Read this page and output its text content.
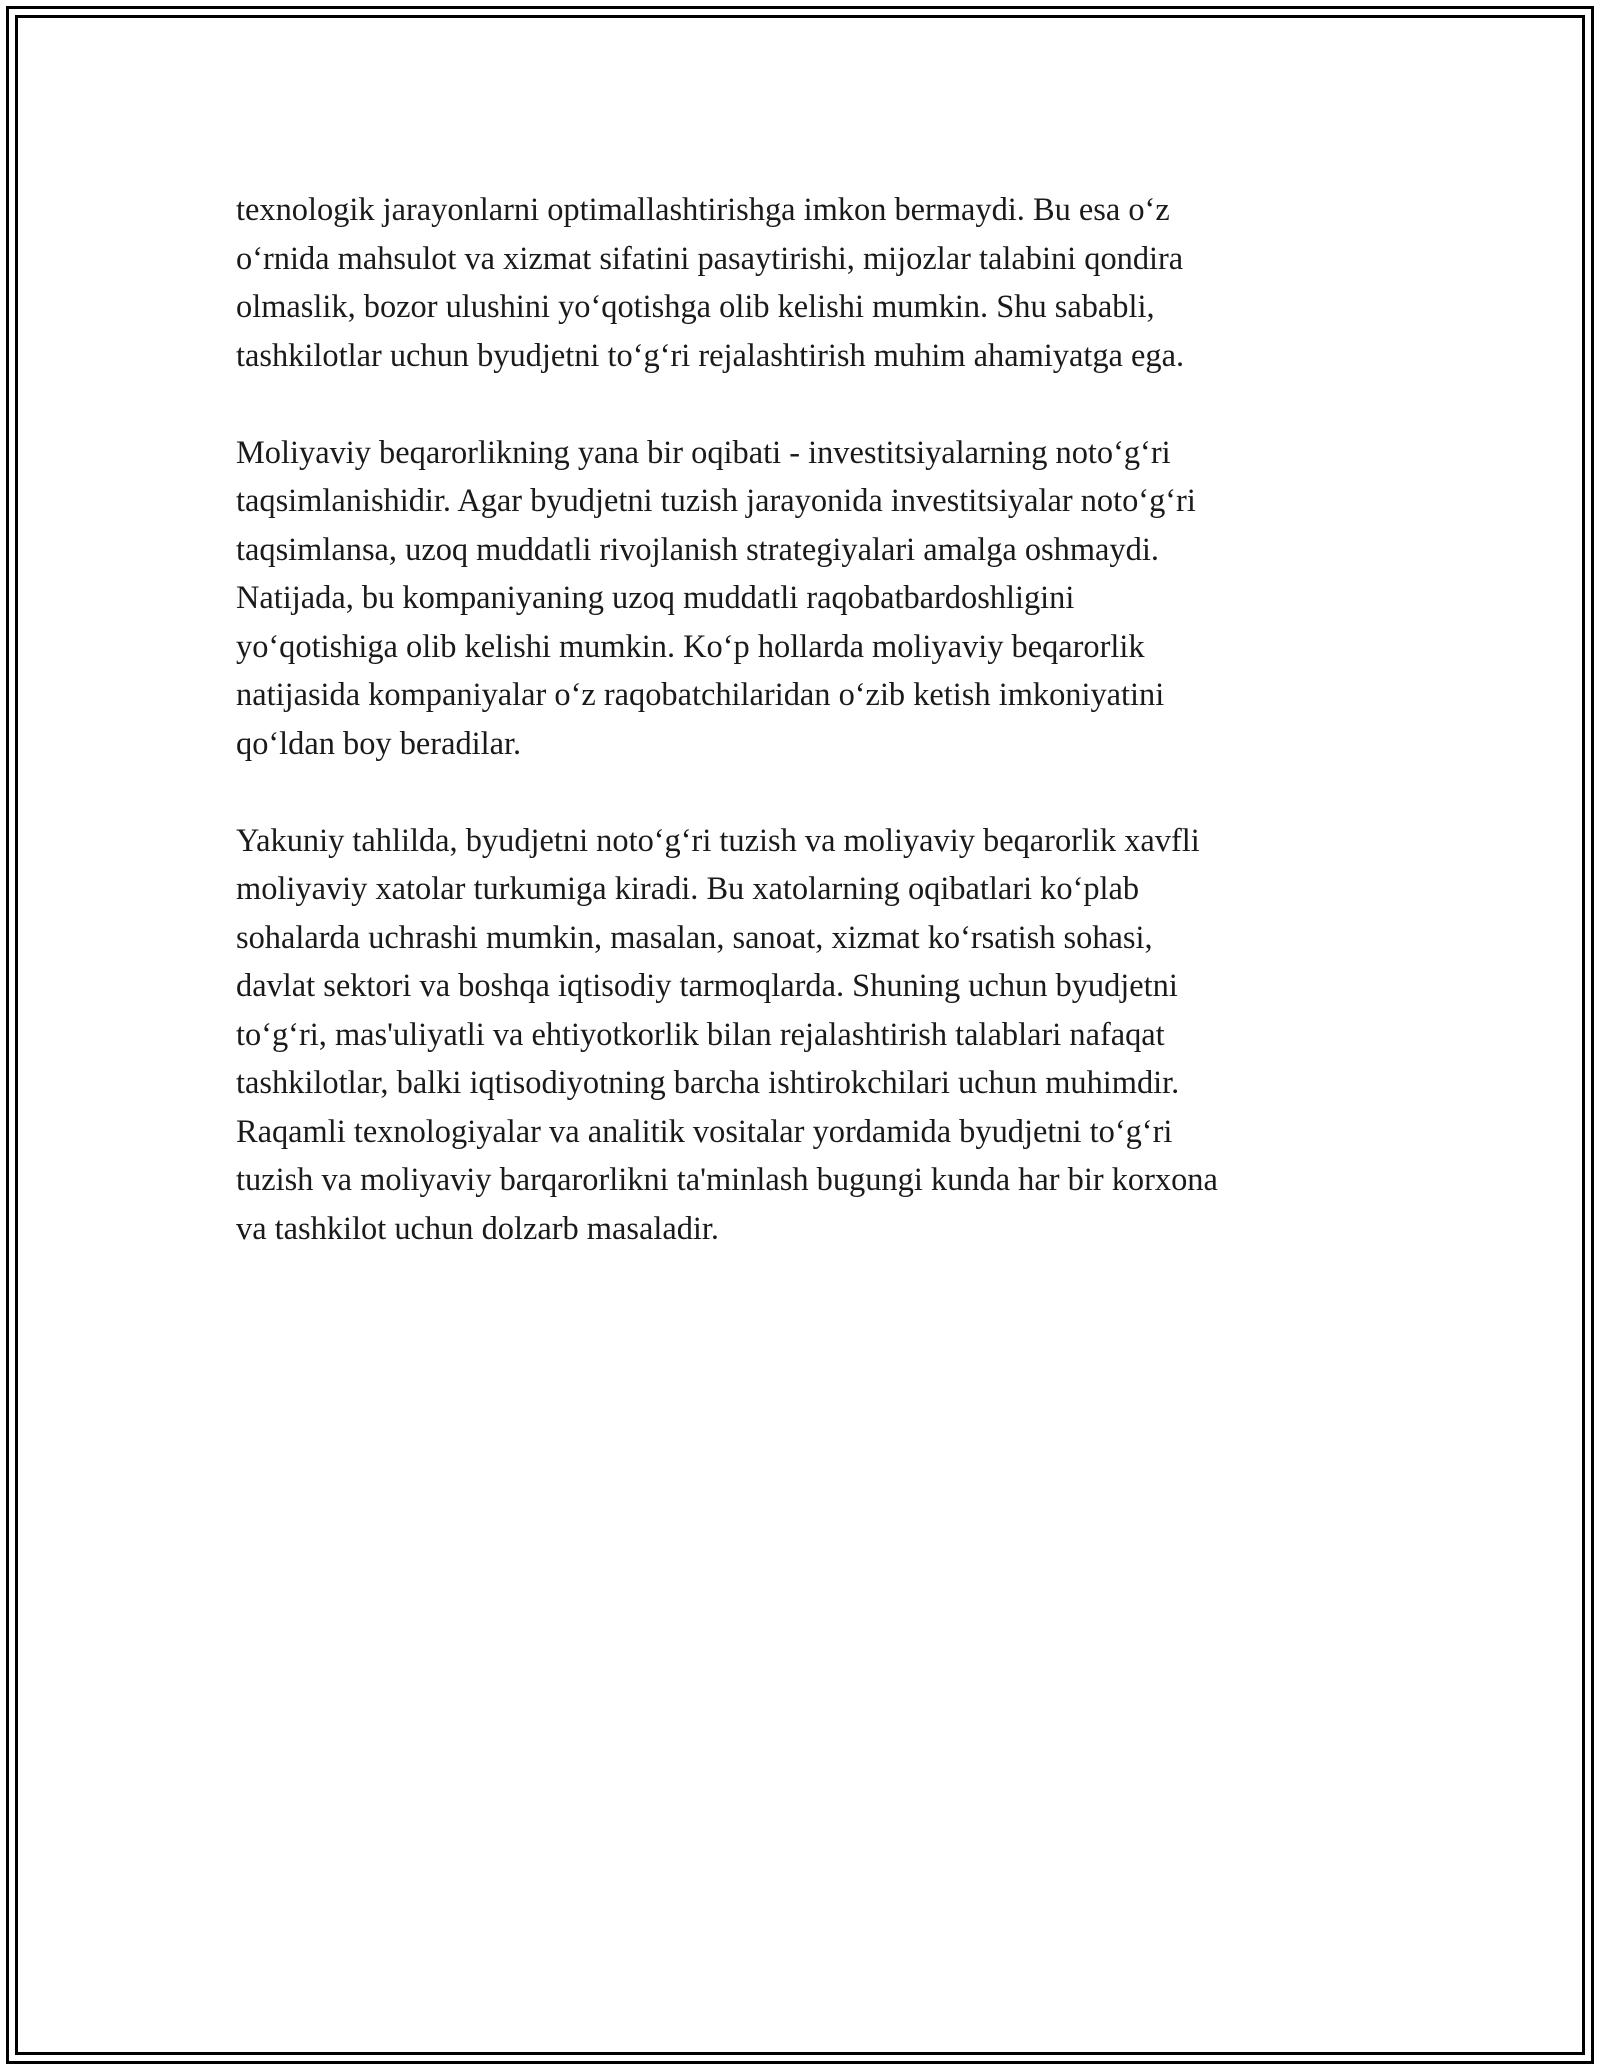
texnologik jarayonlarni optimallashtirishga imkon bermaydi. Bu esa o‘z
o‘rnida mahsulot va xizmat sifatini pasaytirishi, mijozlar talabini qondira
olmaslik, bozor ulushini yo‘qotishga olib kelishi mumkin. Shu sababli,
tashkilotlar uchun byudjetni to‘g‘ri rejalashtirish muhim ahamiyatga ega.

Moliyaviy beqarorlikning yana bir oqibati - investitsiyalarning noto‘g‘ri
taqsimlanishidir. Agar byudjetni tuzish jarayonida investitsiyalar noto‘g‘ri
taqsimlansa, uzoq muddatli rivojlanish strategiyalari amalga oshmaydi.
Natijada, bu kompaniyaning uzoq muddatli raqobatbardoshligini
yo‘qotishiga olib kelishi mumkin. Ko‘p hollarda moliyaviy beqarorlik
natijasida kompaniyalar o‘z raqobatchilaridan o‘zib ketish imkoniyatini
qo‘ldan boy beradilar.

Yakuniy tahlilda, byudjetni noto‘g‘ri tuzish va moliyaviy beqarorlik xavfli
moliyaviy xatolar turkumiga kiradi. Bu xatolarning oqibatlari ko‘plab
sohalarda uchrashi mumkin, masalan, sanoat, xizmat ko‘rsatish sohasi,
davlat sektori va boshqa iqtisodiy tarmoqlarda. Shuning uchun byudjetni
to‘g‘ri, mas'uliyatli va ehtiyotkorlik bilan rejalashtirish talablari nafaqat
tashkilotlar, balki iqtisodiyotning barcha ishtirokchilari uchun muhimdir.
Raqamli texnologiyalar va analitik vositalar yordamida byudjetni to‘g‘ri
tuzish va moliyaviy barqarorlikni ta'minlash bugungi kunda har bir korxona
va tashkilot uchun dolzarb masaladir.
